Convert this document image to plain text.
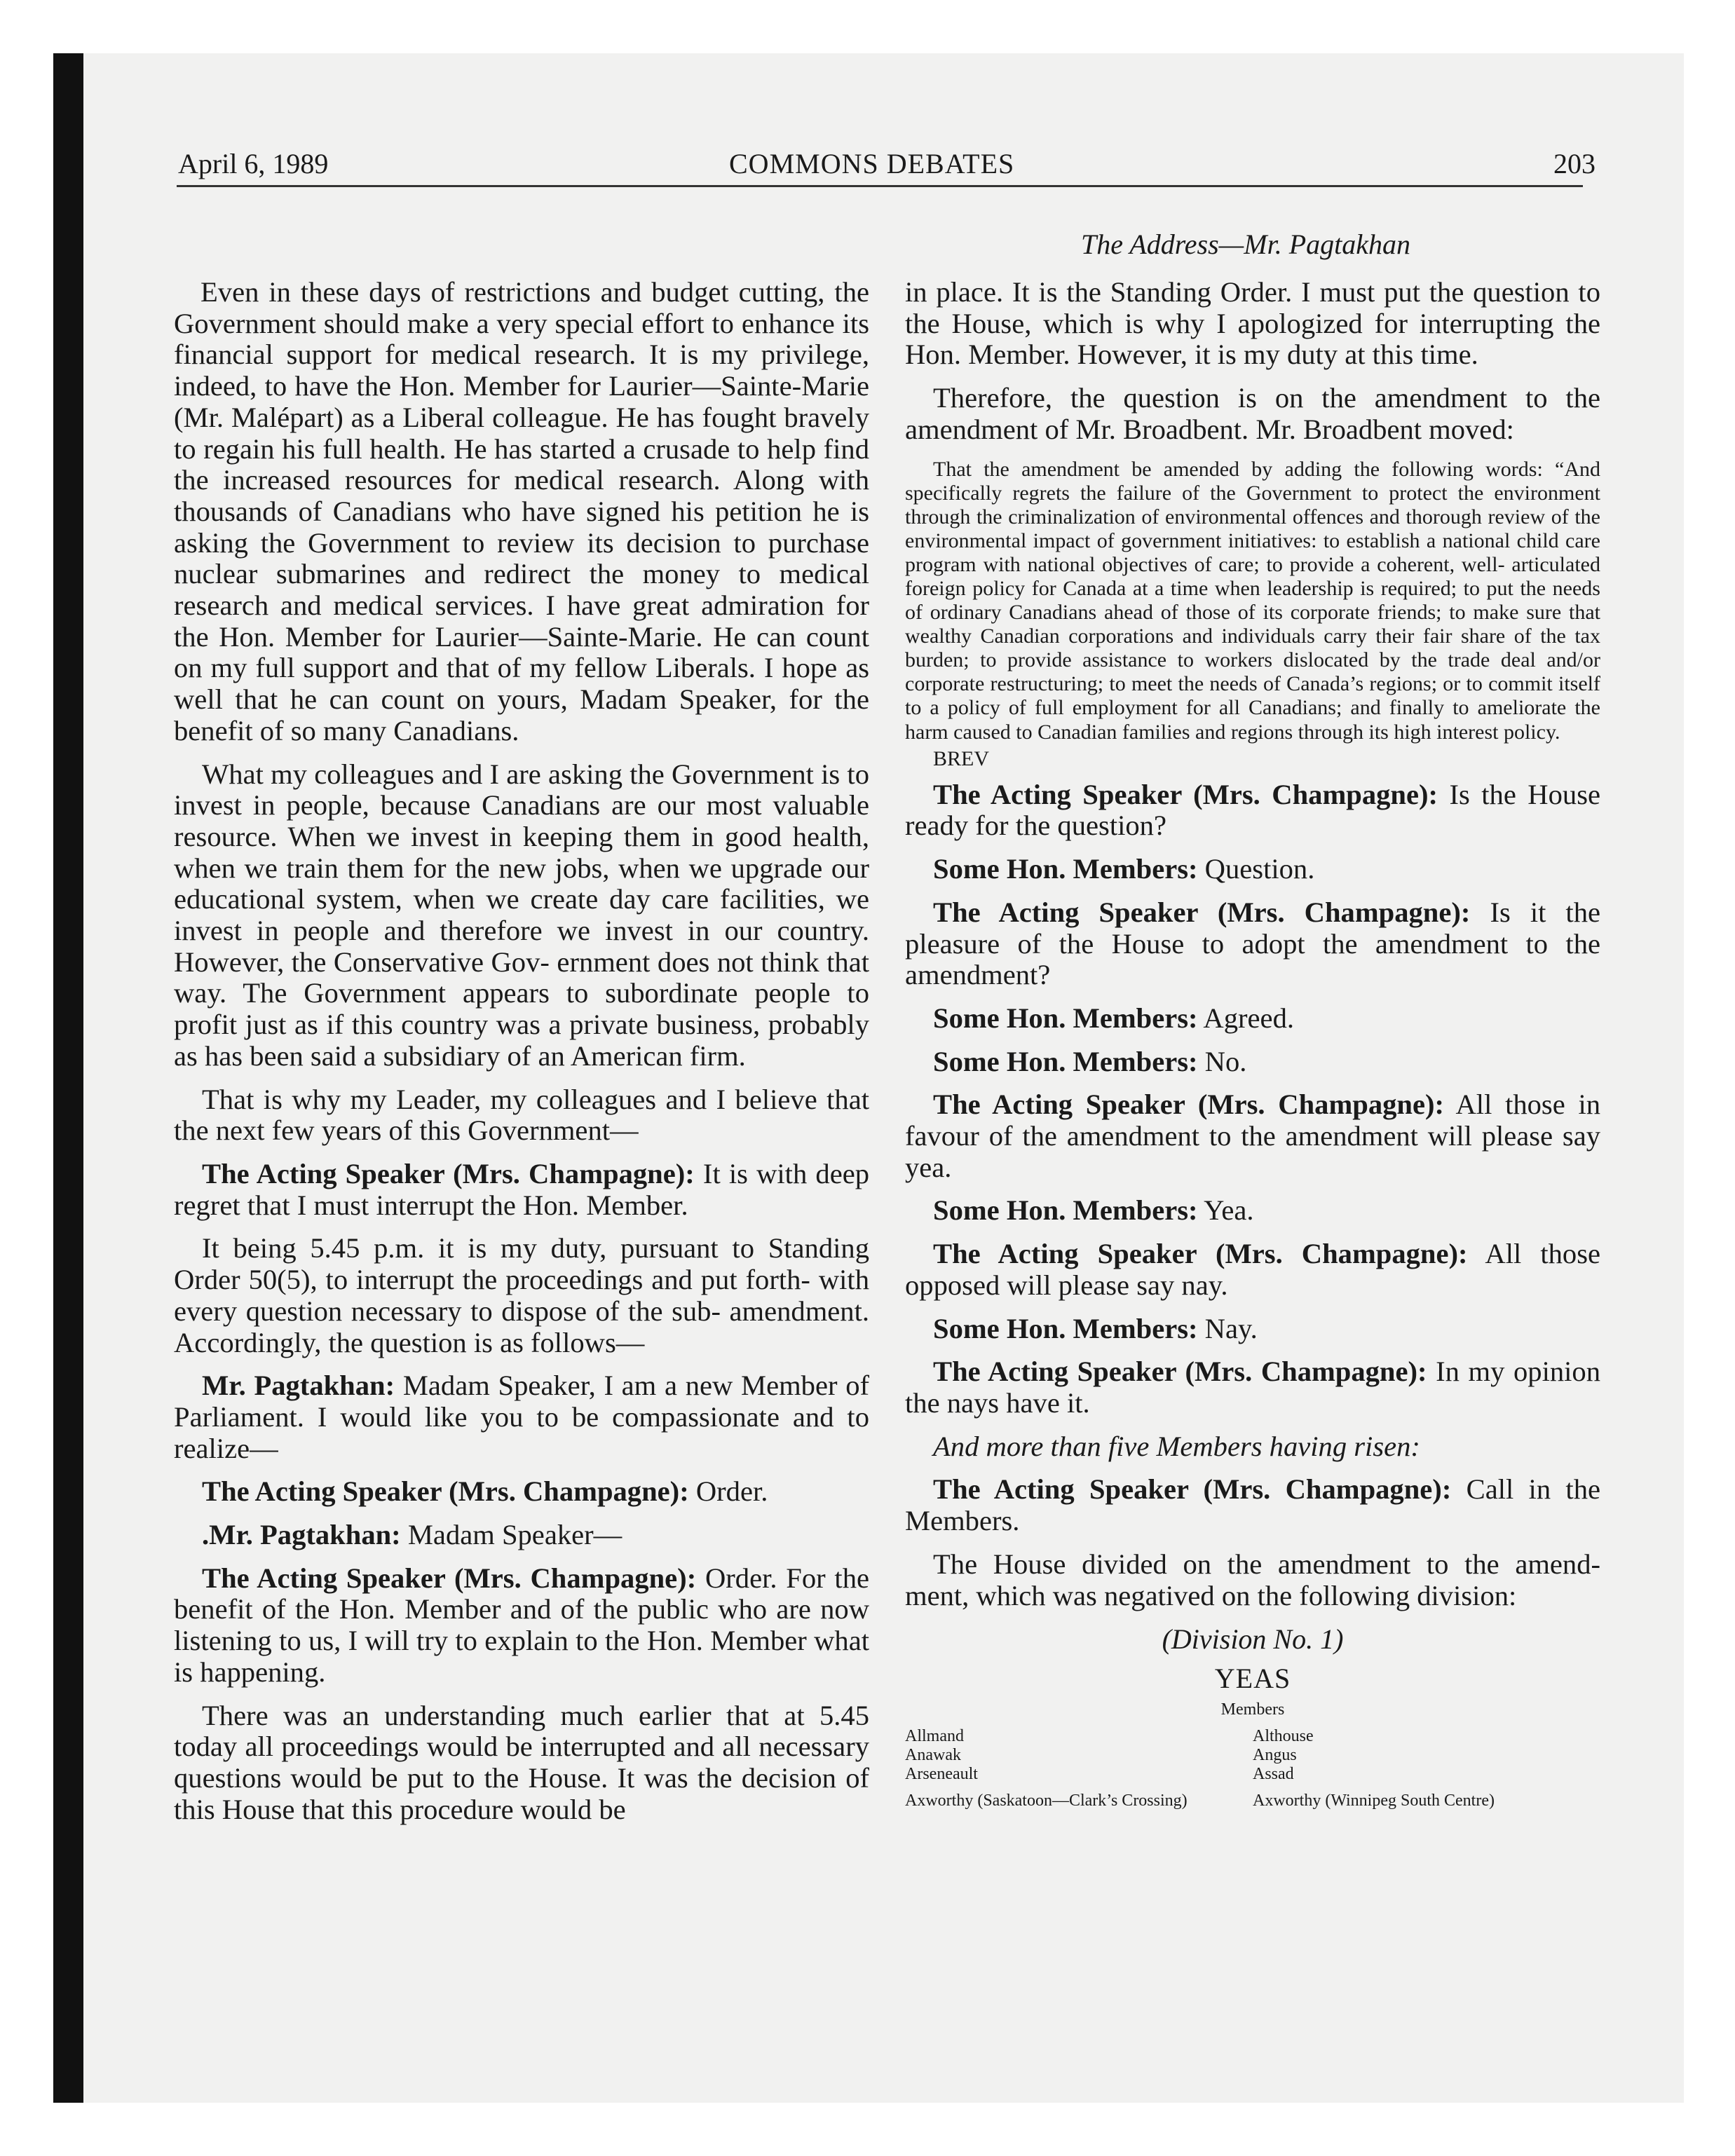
April 6, 1989	COMMONS DEBATES	203
The Address—Mr. Pagtakhan

Even in these days of restrictions and budget cutting, the Government should make a very special effort to enhance its financial support for medical research. It is my privilege, indeed, to have the Hon. Member for Laurier—Sainte-Marie (Mr. Malépart) as a Liberal colleague. He has fought bravely to regain his full health. He has started a crusade to help find the increased resources for medical research. Along with thousands of Canadians who have signed his petition he is asking the Government to review its decision to purchase nuclear submarines and redirect the money to medical research and medical services. I have great admiration for the Hon. Member for Laurier—Sainte-Marie. He can count on my full support and that of my fellow Liberals. I hope as well that he can count on yours, Madam Speaker, for the benefit of so many Canadians.

What my colleagues and I are asking the Government is to invest in people, because Canadians are our most valuable resource. When we invest in keeping them in good health, when we train them for the new jobs, when we upgrade our educational system, when we create day care facilities, we invest in people and therefore we invest in our country. However, the Conservative Gov- ernment does not think that way. The Government appears to subordinate people to profit just as if this country was a private business, probably as has been said a subsidiary of an American firm.

That is why my Leader, my colleagues and I believe that the next few years of this Government—

The Acting Speaker (Mrs. Champagne): It is with deep regret that I must interrupt the Hon. Member.

It being 5.45 p.m. it is my duty, pursuant to Standing Order 50(5), to interrupt the proceedings and put forth- with every question necessary to dispose of the sub- amendment. Accordingly, the question is as follows—

Mr. Pagtakhan: Madam Speaker, I am a new Member of Parliament. I would like you to be compassionate and to realize—

The Acting Speaker (Mrs. Champagne): Order.

.Mr. Pagtakhan: Madam Speaker—

The Acting Speaker (Mrs. Champagne): Order. For the benefit of the Hon. Member and of the public who are now listening to us, I will try to explain to the Hon. Member what is happening.

There was an understanding much earlier that at 5.45 today all proceedings would be interrupted and all necessary questions would be put to the House. It was the decision of this House that this procedure would be

in place. It is the Standing Order. I must put the question to the House, which is why I apologized for interrupting the Hon. Member. However, it is my duty at this time.

Therefore, the question is on the amendment to the amendment of Mr. Broadbent. Mr. Broadbent moved:

That the amendment be amended by adding the following words: “And specifically regrets the failure of the Government to protect the environment through the criminalization of environmental offences and thorough review of the environmental impact of government initiatives: to establish a national child care program with national objectives of care; to provide a coherent, well- articulated foreign policy for Canada at a time when leadership is required; to put the needs of ordinary Canadians ahead of those of its corporate friends; to make sure that wealthy Canadian corporations and individuals carry their fair share of the tax burden; to provide assistance to workers dislocated by the trade deal and/or corporate restructuring; to meet the needs of Canada’s regions; or to commit itself to a policy of full employment for all Canadians; and finally to ameliorate the harm caused to Canadian families and regions through its high interest policy.
BREV

The Acting Speaker (Mrs. Champagne): Is the House ready for the question?

Some Hon. Members: Question.

The Acting Speaker (Mrs. Champagne): Is it the pleasure of the House to adopt the amendment to the amendment?

Some Hon. Members: Agreed.

Some Hon. Members: No.

The Acting Speaker (Mrs. Champagne): All those in favour of the amendment to the amendment will please say yea.

Some Hon. Members: Yea.

The Acting Speaker (Mrs. Champagne): All those opposed will please say nay.

Some Hon. Members: Nay.

The Acting Speaker (Mrs. Champagne): In my opinion the nays have it.

And more than five Members having risen:

The Acting Speaker (Mrs. Champagne): Call in the Members.

The House divided on the amendment to the amend- ment, which was negatived on the following division:

(Division No. 1)
YEAS
Members
Allmand
Anawak
Arseneault
Axworthy (Saskatoon—Clark’s Crossing)
Althouse
Angus
Assad
Axworthy (Winnipeg South Centre)
